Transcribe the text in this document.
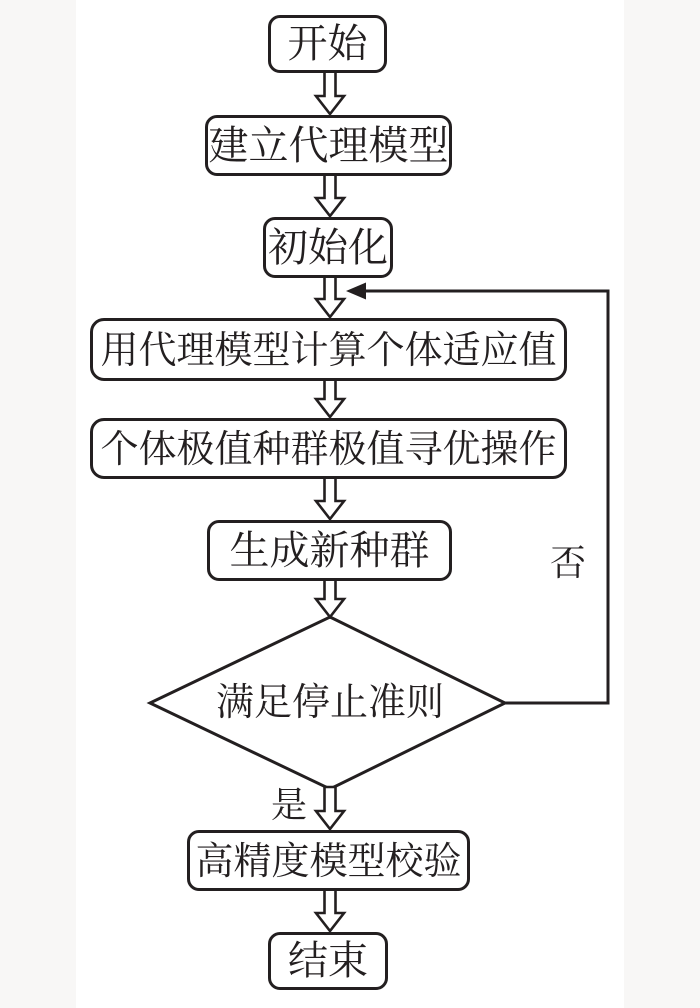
开始
建立代理模型
初始化
用代理模型计算个体适应值
个体极值种群极值寻优操作
生成新种群
满足停止准则
是
否
高精度模型校验
结束
